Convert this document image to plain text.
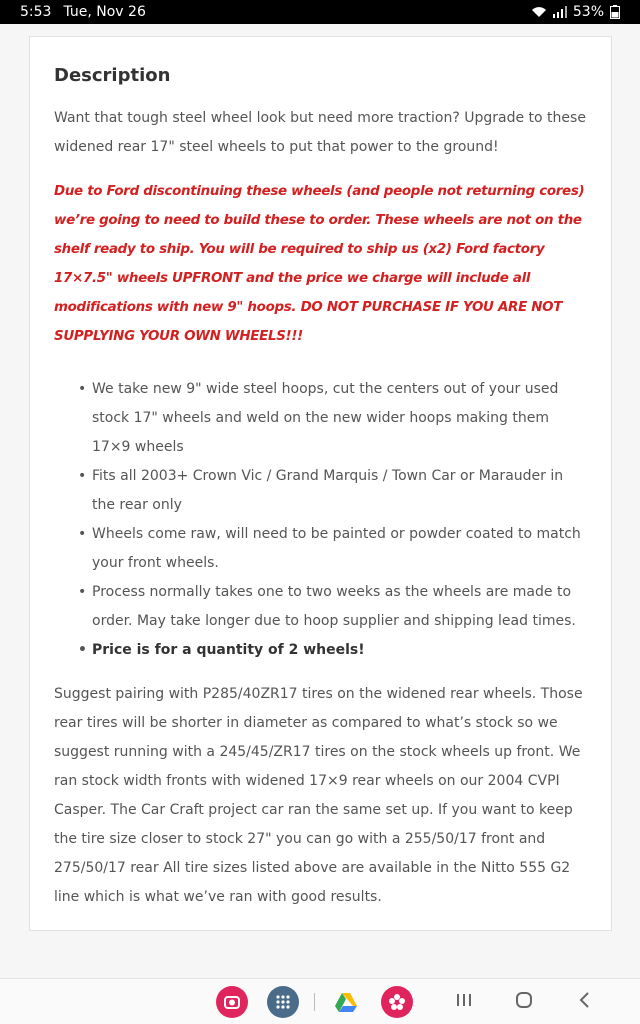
5:53 Tue, Nov 26	53%
Description

Want that tough steel wheel look but need more traction? Upgrade to these widened rear 17" steel wheels to put that power to the ground!

Due to Ford discontinuing these wheels (and people not returning cores) we’re going to need to build these to order. These wheels are not on the shelf ready to ship. You will be required to ship us (x2) Ford factory 17×7.5" wheels UPFRONT and the price we charge will include all modifications with new 9" hoops. DO NOT PURCHASE IF YOU ARE NOT SUPPLYING YOUR OWN WHEELS!!!

• We take new 9" wide steel hoops, cut the centers out of your used stock 17" wheels and weld on the new wider hoops making them 17×9 wheels
• Fits all 2003+ Crown Vic / Grand Marquis / Town Car or Marauder in the rear only
• Wheels come raw, will need to be painted or powder coated to match your front wheels.
• Process normally takes one to two weeks as the wheels are made to order. May take longer due to hoop supplier and shipping lead times.
• Price is for a quantity of 2 wheels!

Suggest pairing with P285/40ZR17 tires on the widened rear wheels. Those rear tires will be shorter in diameter as compared to what’s stock so we suggest running with a 245/45/ZR17 tires on the stock wheels up front. We ran stock width fronts with widened 17×9 rear wheels on our 2004 CVPI Casper. The Car Craft project car ran the same set up. If you want to keep the tire size closer to stock 27" you can go with a 255/50/17 front and 275/50/17 rear All tire sizes listed above are available in the Nitto 555 G2 line which is what we’ve ran with good results.
